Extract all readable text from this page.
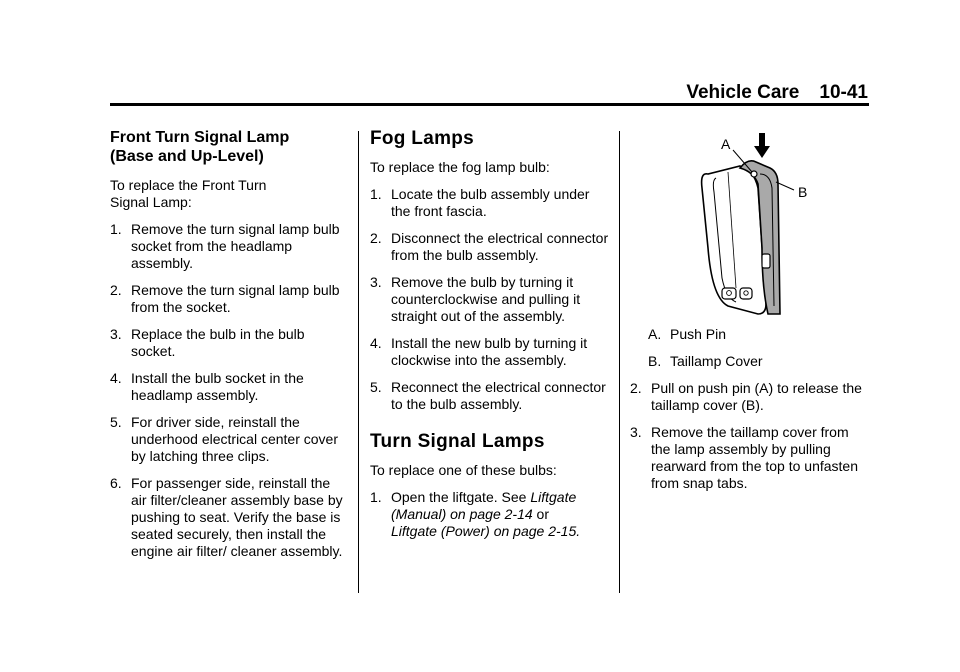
Vehicle Care 10-41
Front Turn Signal Lamp
(Base and Up-Level)

To replace the Front Turn Signal Lamp:

1. Remove the turn signal lamp bulb socket from the headlamp assembly.
2. Remove the turn signal lamp bulb from the socket.
3. Replace the bulb in the bulb socket.
4. Install the bulb socket in the headlamp assembly.
5. For driver side, reinstall the underhood electrical center cover by latching three clips.
6. For passenger side, reinstall the air filter/cleaner assembly base by pushing to seat. Verify the base is seated securely, then install the engine air filter/ cleaner assembly.
Fog Lamps

To replace the fog lamp bulb:

1. Locate the bulb assembly under the front fascia.
2. Disconnect the electrical connector from the bulb assembly.
3. Remove the bulb by turning it counterclockwise and pulling it straight out of the assembly.
4. Install the new bulb by turning it clockwise into the assembly.
5. Reconnect the electrical connector to the bulb assembly.
Turn Signal Lamps

To replace one of these bulbs:

1. Open the liftgate. See Liftgate (Manual) on page 2-14 or
Liftgate (Power) on page 2-15.
A
B
A. Push Pin
B. Taillamp Cover
2. Pull on push pin (A) to release the taillamp cover (B).
3. Remove the taillamp cover from the lamp assembly by pulling rearward from the top to unfasten from snap tabs.
